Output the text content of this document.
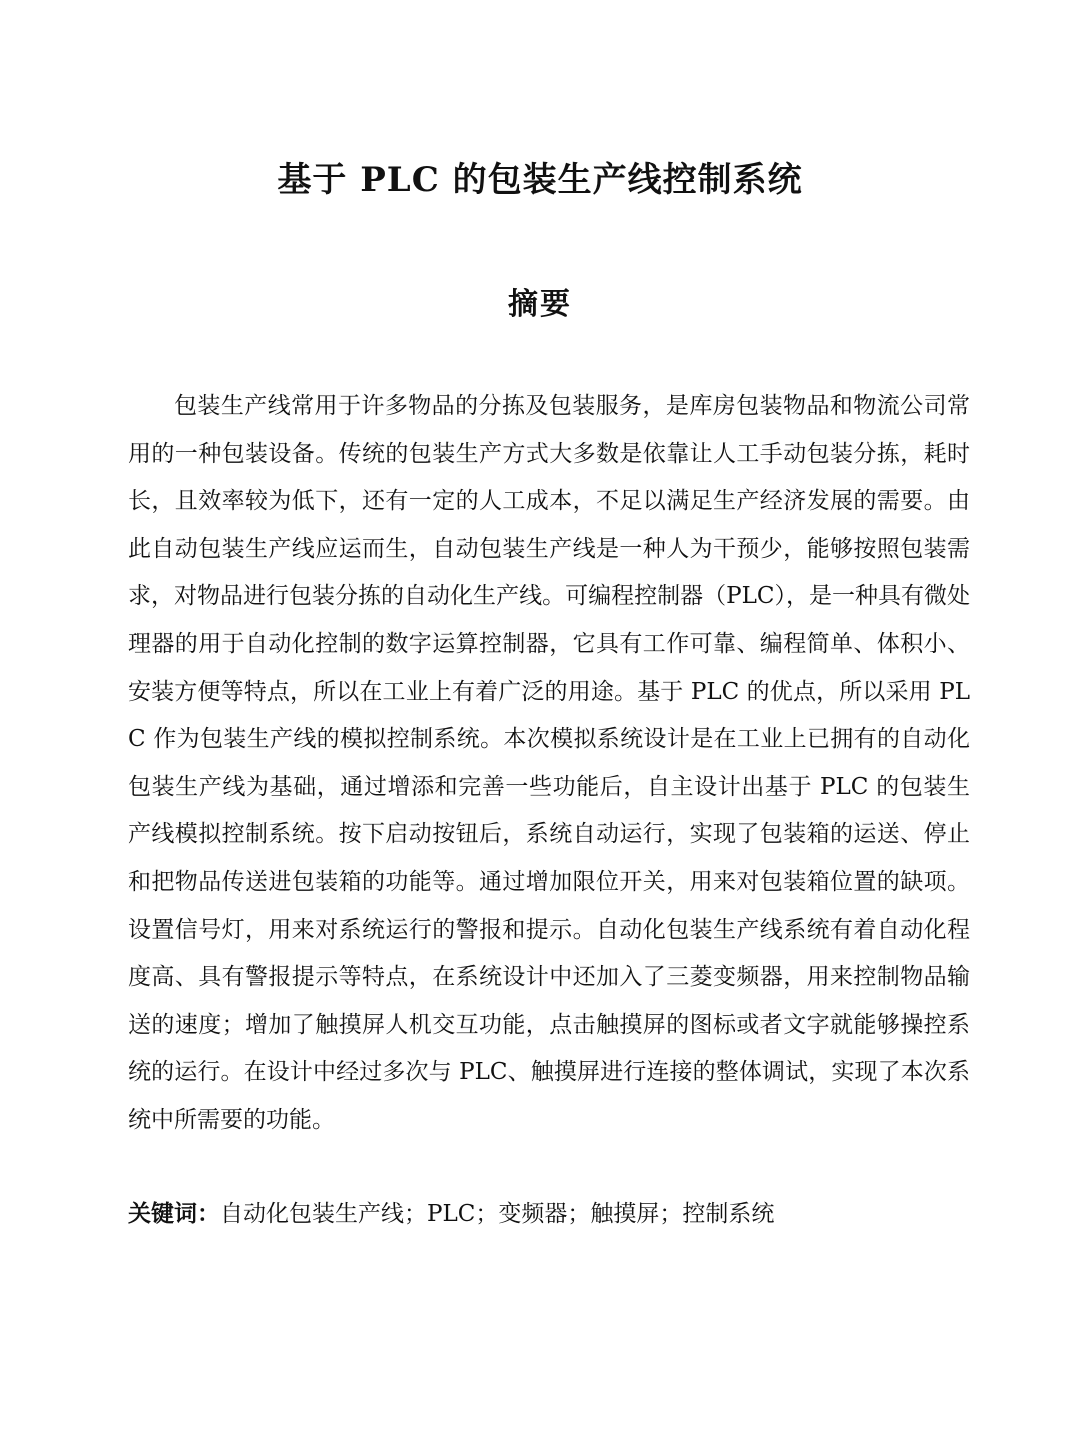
基于 PLC 的包装生产线控制系统
摘要

包装生产线常用于许多物品的分拣及包装服务，是库房包装物品和物流公司常用的一种包装设备。传统的包装生产方式大多数是依靠让人工手动包装分拣，耗时长，且效率较为低下，还有一定的人工成本，不足以满足生产经济发展的需要。由此自动包装生产线应运而生，自动包装生产线是一种人为干预少，能够按照包装需求，对物品进行包装分拣的自动化生产线。可编程控制器（PLC），是一种具有微处理器的用于自动化控制的数字运算控制器，它具有工作可靠、编程简单、体积小、安装方便等特点，所以在工业上有着广泛的用途。基于 PLC 的优点，所以采用 PLC 作为包装生产线的模拟控制系统。本次模拟系统设计是在工业上已拥有的自动化包装生产线为基础，通过增添和完善一些功能后，自主设计出基于 PLC 的包装生产线模拟控制系统。按下启动按钮后，系统自动运行，实现了包装箱的运送、停止和把物品传送进包装箱的功能等。通过增加限位开关，用来对包装箱位置的缺项。设置信号灯，用来对系统运行的警报和提示。自动化包装生产线系统有着自动化程度高、具有警报提示等特点，在系统设计中还加入了三菱变频器，用来控制物品输送的速度；增加了触摸屏人机交互功能，点击触摸屏的图标或者文字就能够操控系统的运行。在设计中经过多次与 PLC、触摸屏进行连接的整体调试，实现了本次系统中所需要的功能。

关键词：自动化包装生产线；PLC；变频器；触摸屏；控制系统
